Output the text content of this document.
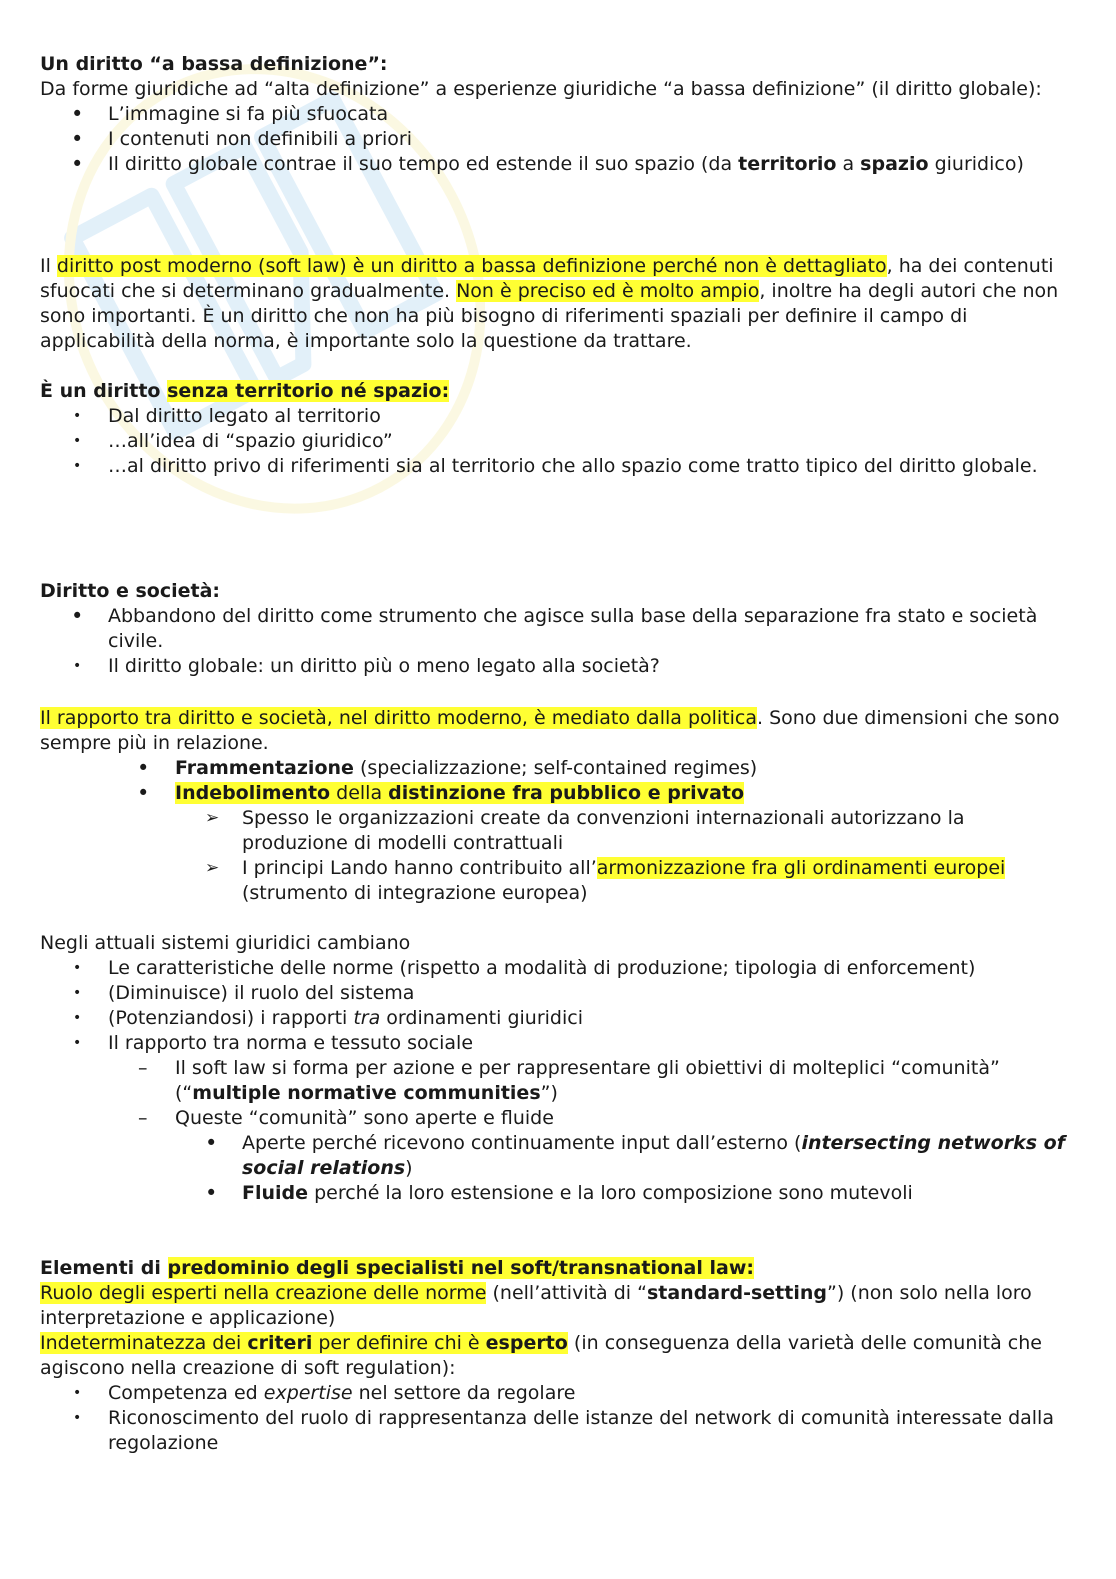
Un diritto “a bassa definizione”:

Da forme giuridiche ad “alta definizione” a esperienze giuridiche “a bassa definizione” (il diritto globale):

• L’immagine si fa più sfuocata
• I contenuti non definibili a priori
• Il diritto globale contrae il suo tempo ed estende il suo spazio (da territorio a spazio giuridico)

Il diritto post moderno (soft law) è un diritto a bassa definizione perché non è dettagliato, ha dei contenuti sfuocati che si determinano gradualmente. Non è preciso ed è molto ampio, inoltre ha degli autori che non sono importanti. È un diritto che non ha più bisogno di riferimenti spaziali per definire il campo di applicabilità della norma, è importante solo la questione da trattare.

È un diritto senza territorio né spazio:

• Dal diritto legato al territorio
• …all’idea di “spazio giuridico”
• …al diritto privo di riferimenti sia al territorio che allo spazio come tratto tipico del diritto globale.

Diritto e società:

• Abbandono del diritto come strumento che agisce sulla base della separazione fra stato e società civile.
• Il diritto globale: un diritto più o meno legato alla società?

Il rapporto tra diritto e società, nel diritto moderno, è mediato dalla politica. Sono due dimensioni che sono sempre più in relazione.

• Frammentazione (specializzazione; self-contained regimes)
• Indebolimento della distinzione fra pubblico e privato
➢ Spesso le organizzazioni create da convenzioni internazionali autorizzano la produzione di modelli contrattuali
➢ I principi Lando hanno contribuito all’armonizzazione fra gli ordinamenti europei (strumento di integrazione europea)

Negli attuali sistemi giuridici cambiano

• Le caratteristiche delle norme (rispetto a modalità di produzione; tipologia di enforcement)
• (Diminuisce) il ruolo del sistema
• (Potenziandosi) i rapporti tra ordinamenti giuridici
• Il rapporto tra norma e tessuto sociale
– Il soft law si forma per azione e per rappresentare gli obiettivi di molteplici “comunità” (“multiple normative communities”)
– Queste “comunità” sono aperte e fluide
• Aperte perché ricevono continuamente input dall’esterno (intersecting networks of social relations)
• Fluide perché la loro estensione e la loro composizione sono mutevoli

Elementi di predominio degli specialisti nel soft/transnational law:

Ruolo degli esperti nella creazione delle norme (nell’attività di “standard-setting”) (non solo nella loro interpretazione e applicazione)

Indeterminatezza dei criteri per definire chi è esperto (in conseguenza della varietà delle comunità che agiscono nella creazione di soft regulation):

• Competenza ed expertise nel settore da regolare
• Riconoscimento del ruolo di rappresentanza delle istanze del network di comunità interessate dalla regolazione
